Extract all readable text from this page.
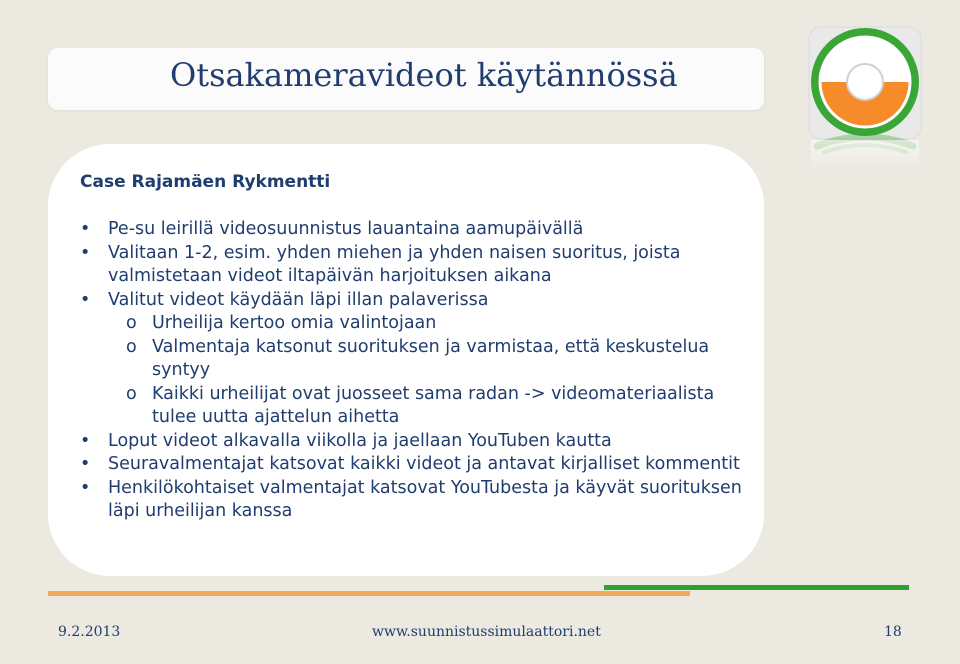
Otsakameravideot käytännössä
Case Rajamäen Rykmentti
•	Pe-su leirillä videosuunnistus lauantaina aamupäivällä
•	Valitaan 1-2, esim. yhden miehen ja yhden naisen suoritus, joista valmistetaan videot iltapäivän harjoituksen aikana
•	Valitut videot käydään läpi illan palaverissa
o Urheilija kertoo omia valintojaan
o Valmentaja katsonut suorituksen ja varmistaa, että keskustelua syntyy
o Kaikki urheilijat ovat juosseet sama radan -> videomateriaalista tulee uutta ajattelun aihetta
•	Loput videot alkavalla viikolla ja jaellaan YouTuben kautta
•	Seuravalmentajat katsovat kaikki videot ja antavat kirjalliset kommentit
•	Henkilökohtaiset valmentajat katsovat YouTubesta ja käyvät suorituksen läpi urheilijan kanssa
9.2.2013	www.suunnistussimulaattori.net	18
